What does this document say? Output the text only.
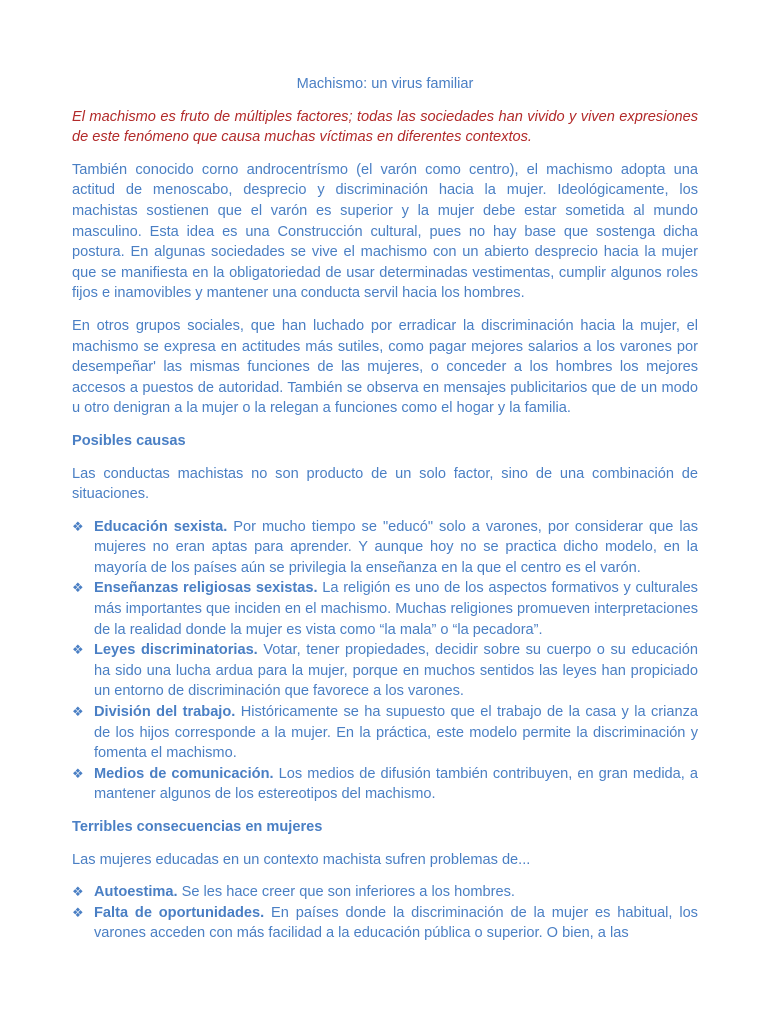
Machismo: un virus familiar

El machismo es fruto de múltiples factores; todas las sociedades han vivido y viven expresiones de este fenómeno que causa muchas víctimas en diferentes contextos.

También conocido corno androcentrísmo (el varón como centro), el machismo adopta una actitud de menoscabo, desprecio y discriminación hacia la mujer. Ideológicamente, los machistas sostienen que el varón es superior y la mujer debe estar sometida al mundo masculino. Esta idea es una Construcción cultural, pues no hay base que sostenga dicha postura. En algunas sociedades se vive el machismo con un abierto desprecio hacia la mujer que se manifiesta en la obligatoriedad de usar determinadas vestimentas, cumplir algunos roles fijos e inamovibles y mantener una conducta servil hacia los hombres.

En otros grupos sociales, que han luchado por erradicar la discriminación hacia la mujer, el machismo se expresa en actitudes más sutiles, como pagar mejores salarios a los varones por desempeñar' las mismas funciones de las mujeres, o conceder a los hombres los mejores accesos a puestos de autoridad. También se observa en mensajes publicitarios que de un modo u otro denigran a la mujer o la relegan a funciones como el hogar y la familia.

Posibles causas

Las conductas machistas no son producto de un solo factor, sino de una combinación de situaciones.

❖ Educación sexista. Por mucho tiempo se "educó" solo a varones, por considerar que las mujeres no eran aptas para aprender. Y aunque hoy no se practica dicho modelo, en la mayoría de los países aún se privilegia la enseñanza en la que el centro es el varón.
❖ Enseñanzas religiosas sexistas. La religión es uno de los aspectos formativos y culturales más importantes que inciden en el machismo. Muchas religiones promueven interpretaciones de la realidad donde la mujer es vista como “la mala” o “la pecadora”.
❖ Leyes discriminatorias. Votar, tener propiedades, decidir sobre su cuerpo o su educación ha sido una lucha ardua para la mujer, porque en muchos sentidos las leyes han propiciado un entorno de discriminación que favorece a los varones.
❖ División del trabajo. Históricamente se ha supuesto que el trabajo de la casa y la crianza de los hijos corresponde a la mujer. En la práctica, este modelo permite la discriminación y fomenta el machismo.
❖ Medios de comunicación. Los medios de difusión también contribuyen, en gran medida, a mantener algunos de los estereotipos del machismo.
Terribles consecuencias en mujeres

Las mujeres educadas en un contexto machista sufren problemas de...

❖ Autoestima. Se les hace creer que son inferiores a los hombres.
❖ Falta de oportunidades. En países donde la discriminación de la mujer es habitual, los varones acceden con más facilidad a la educación pública o superior. O bien, a las
